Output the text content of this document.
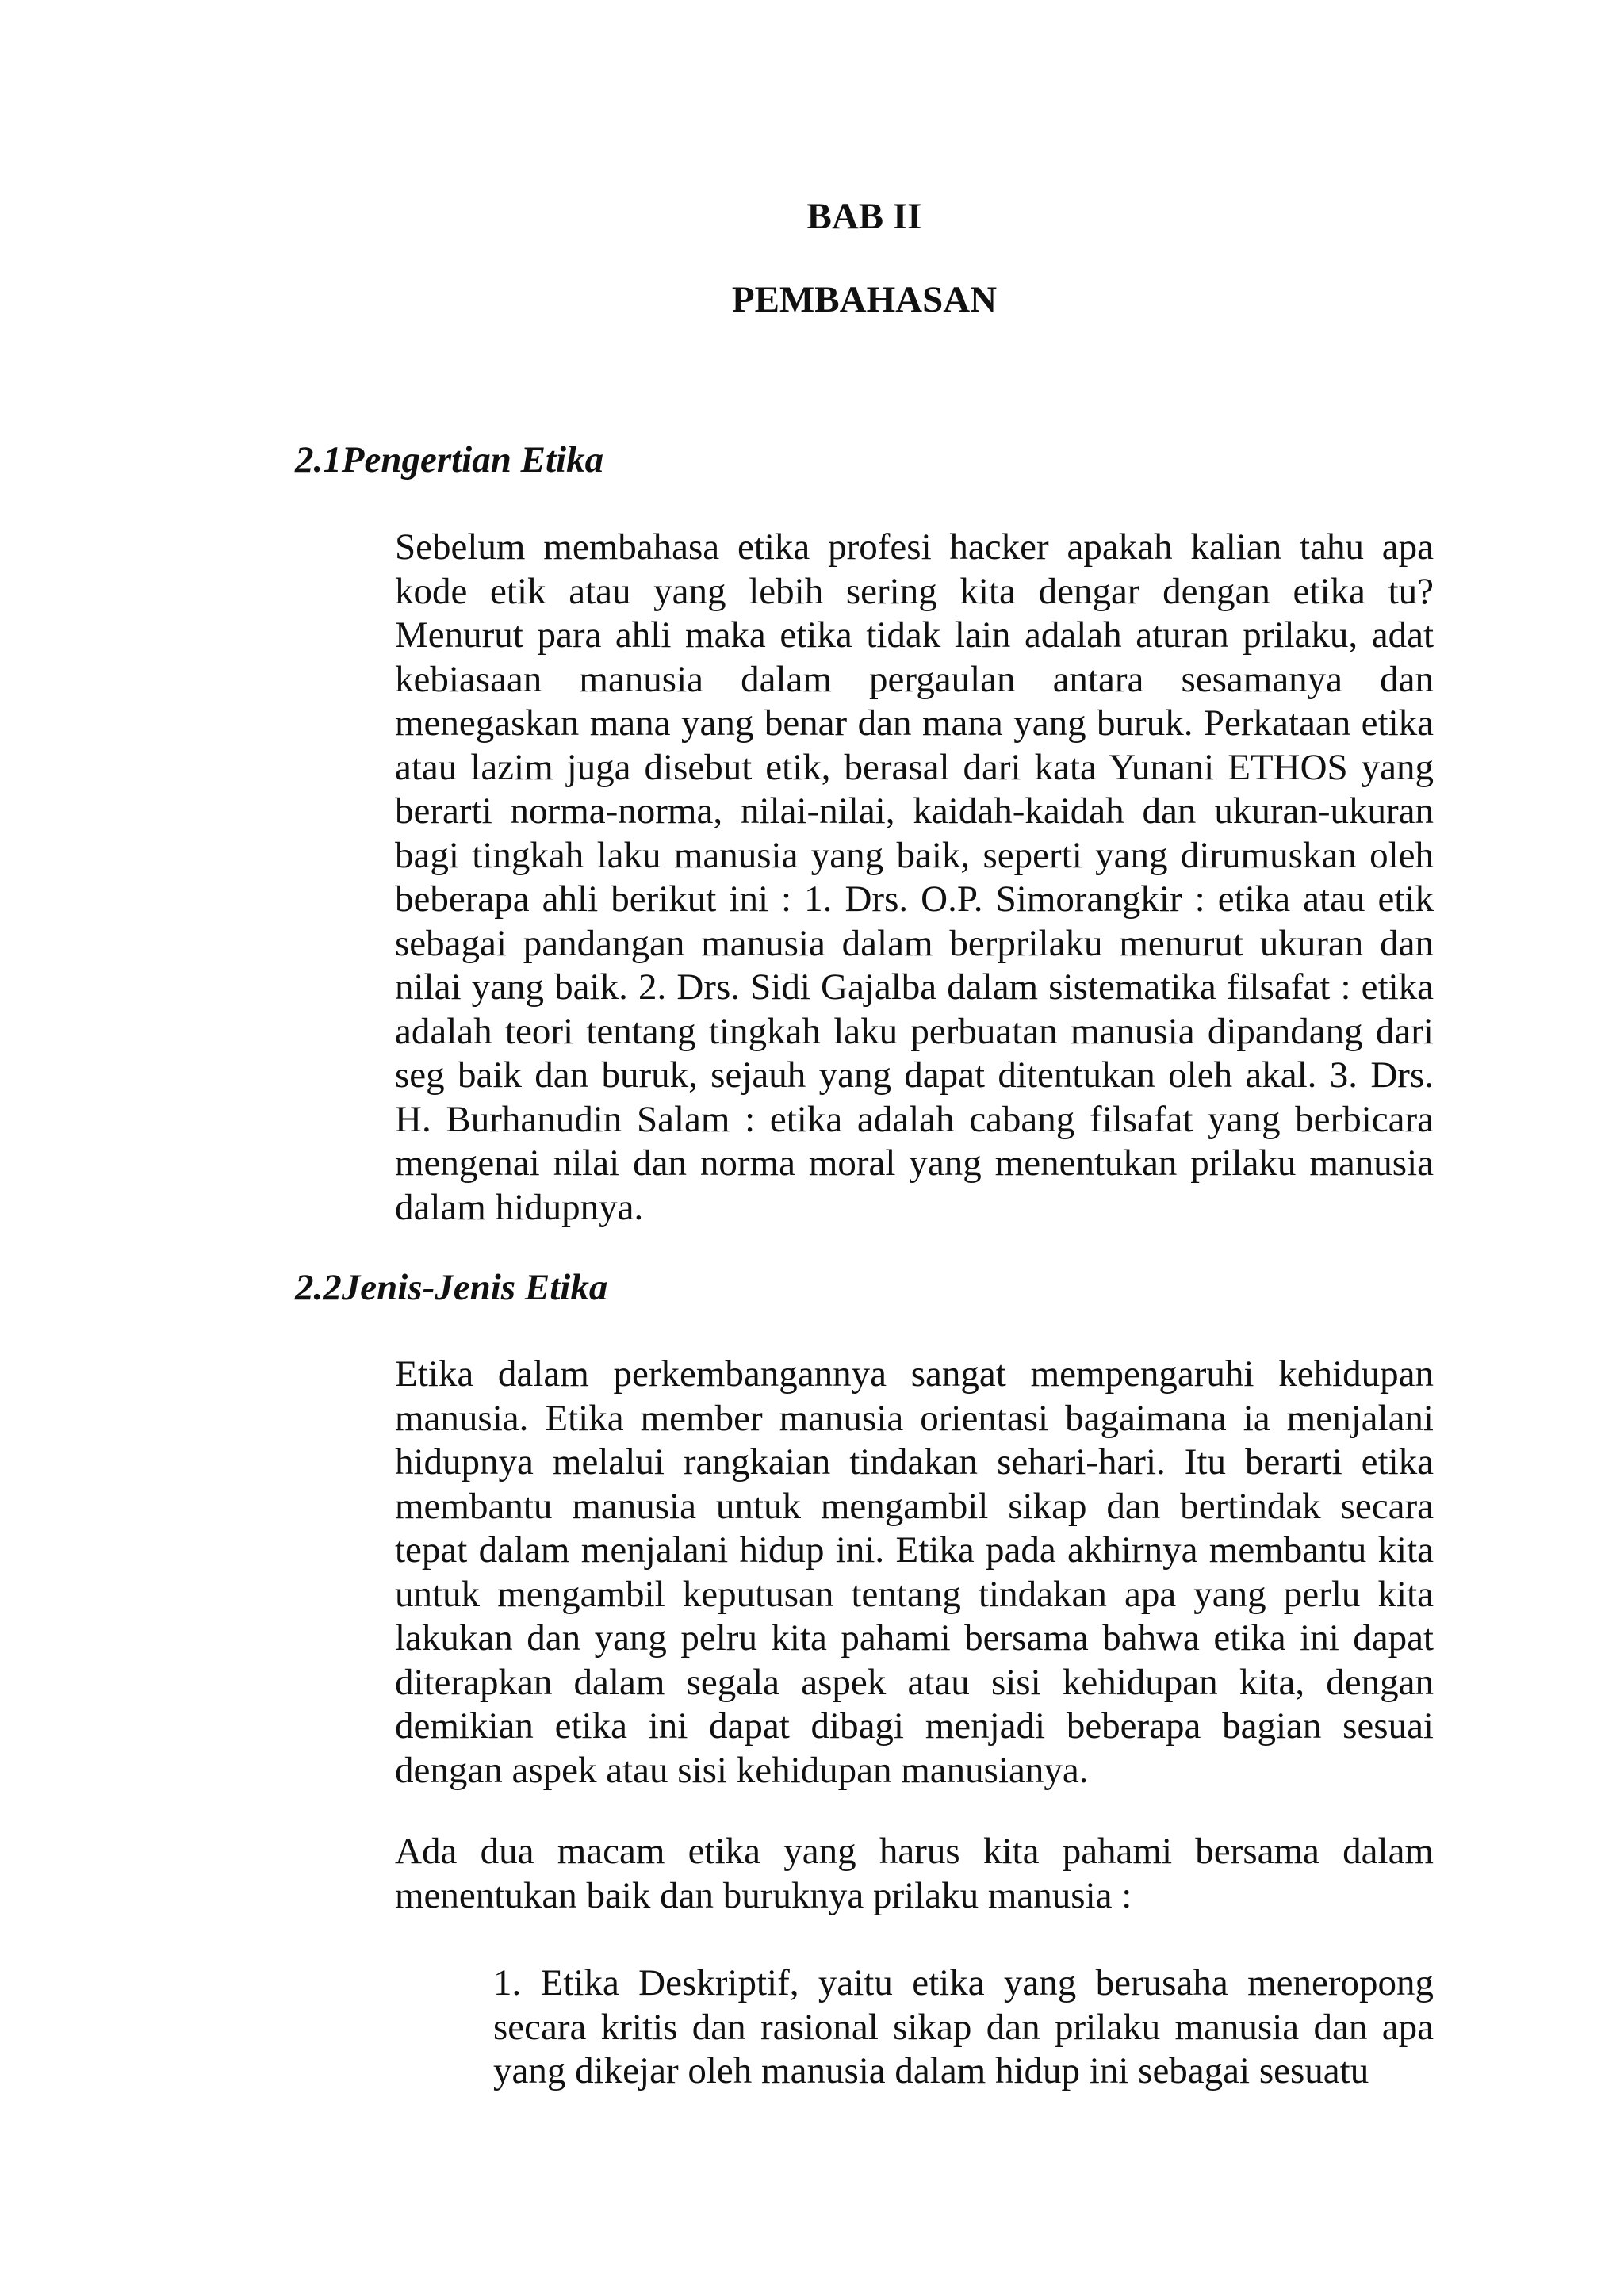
BAB II
PEMBAHASAN
2.1Pengertian Etika

Sebelum membahasa etika profesi hacker apakah kalian tahu apa kode etik atau yang lebih sering kita dengar dengan etika tu? Menurut para ahli maka etika tidak lain adalah aturan prilaku, adat kebiasaan manusia dalam pergaulan antara sesamanya dan menegaskan mana yang benar dan mana yang buruk. Perkataan etika atau lazim juga disebut etik, berasal dari kata Yunani ETHOS yang berarti norma-norma, nilai-nilai, kaidah-kaidah dan ukuran-ukuran bagi tingkah laku manusia yang baik, seperti yang dirumuskan oleh beberapa ahli berikut ini : 1. Drs. O.P. Simorangkir : etika atau etik sebagai pandangan manusia dalam berprilaku menurut ukuran dan nilai yang baik. 2. Drs. Sidi Gajalba dalam sistematika filsafat : etika adalah teori tentang tingkah laku perbuatan manusia dipandang dari seg baik dan buruk, sejauh yang dapat ditentukan oleh akal. 3. Drs. H. Burhanudin Salam : etika adalah cabang filsafat yang berbicara mengenai nilai dan norma moral yang menentukan prilaku manusia dalam hidupnya.

2.2Jenis-Jenis Etika

Etika dalam perkembangannya sangat mempengaruhi kehidupan manusia. Etika member manusia orientasi bagaimana ia menjalani hidupnya melalui rangkaian tindakan sehari-hari. Itu berarti etika membantu manusia untuk mengambil sikap dan bertindak secara tepat dalam menjalani hidup ini. Etika pada akhirnya membantu kita untuk mengambil keputusan tentang tindakan apa yang perlu kita lakukan dan yang pelru kita pahami bersama bahwa etika ini dapat diterapkan dalam segala aspek atau sisi kehidupan kita, dengan demikian etika ini dapat dibagi menjadi beberapa bagian sesuai dengan aspek atau sisi kehidupan manusianya.

Ada dua macam etika yang harus kita pahami bersama dalam menentukan baik dan buruknya prilaku manusia :

1. Etika Deskriptif, yaitu etika yang berusaha meneropong secara kritis dan rasional sikap dan prilaku manusia dan apa yang dikejar oleh manusia dalam hidup ini sebagai sesuatu
